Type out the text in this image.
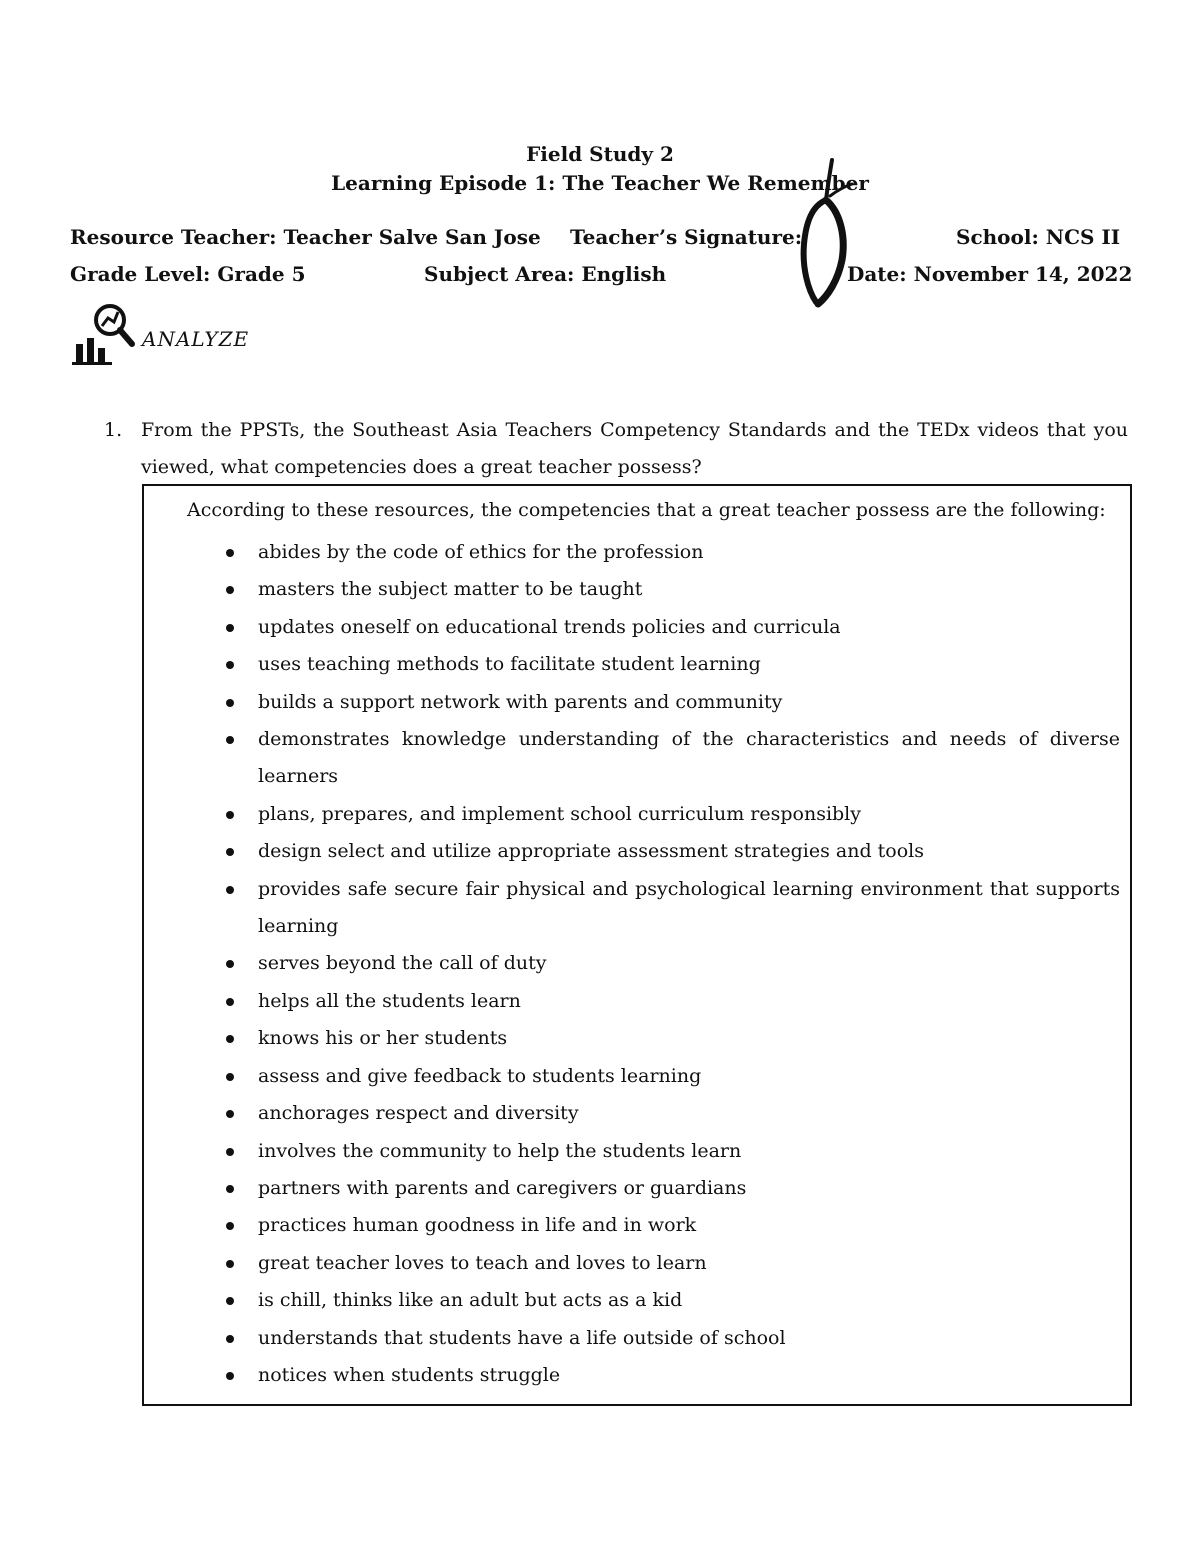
Field Study 2
Learning Episode 1: The Teacher We Remember
Resource Teacher: Teacher Salve San Jose Teacher’s Signature:	School: NCS II
Grade Level: Grade 5	Subject Area: English	Date: November 14, 2022
ANALYZE
1. From the PPSTs, the Southeast Asia Teachers Competency Standards and the TEDx videos that you viewed, what competencies does a great teacher possess?
According to these resources, the competencies that a great teacher possess are the following:
abides by the code of ethics for the profession
masters the subject matter to be taught
updates oneself on educational trends policies and curricula
uses teaching methods to facilitate student learning
builds a support network with parents and community
demonstrates knowledge understanding of the characteristics and needs of diverse learners
plans, prepares, and implement school curriculum responsibly
design select and utilize appropriate assessment strategies and tools
provides safe secure fair physical and psychological learning environment that supports learning
serves beyond the call of duty
helps all the students learn
knows his or her students
assess and give feedback to students learning
anchorages respect and diversity
involves the community to help the students learn
partners with parents and caregivers or guardians
practices human goodness in life and in work
great teacher loves to teach and loves to learn
is chill, thinks like an adult but acts as a kid
understands that students have a life outside of school
notices when students struggle
